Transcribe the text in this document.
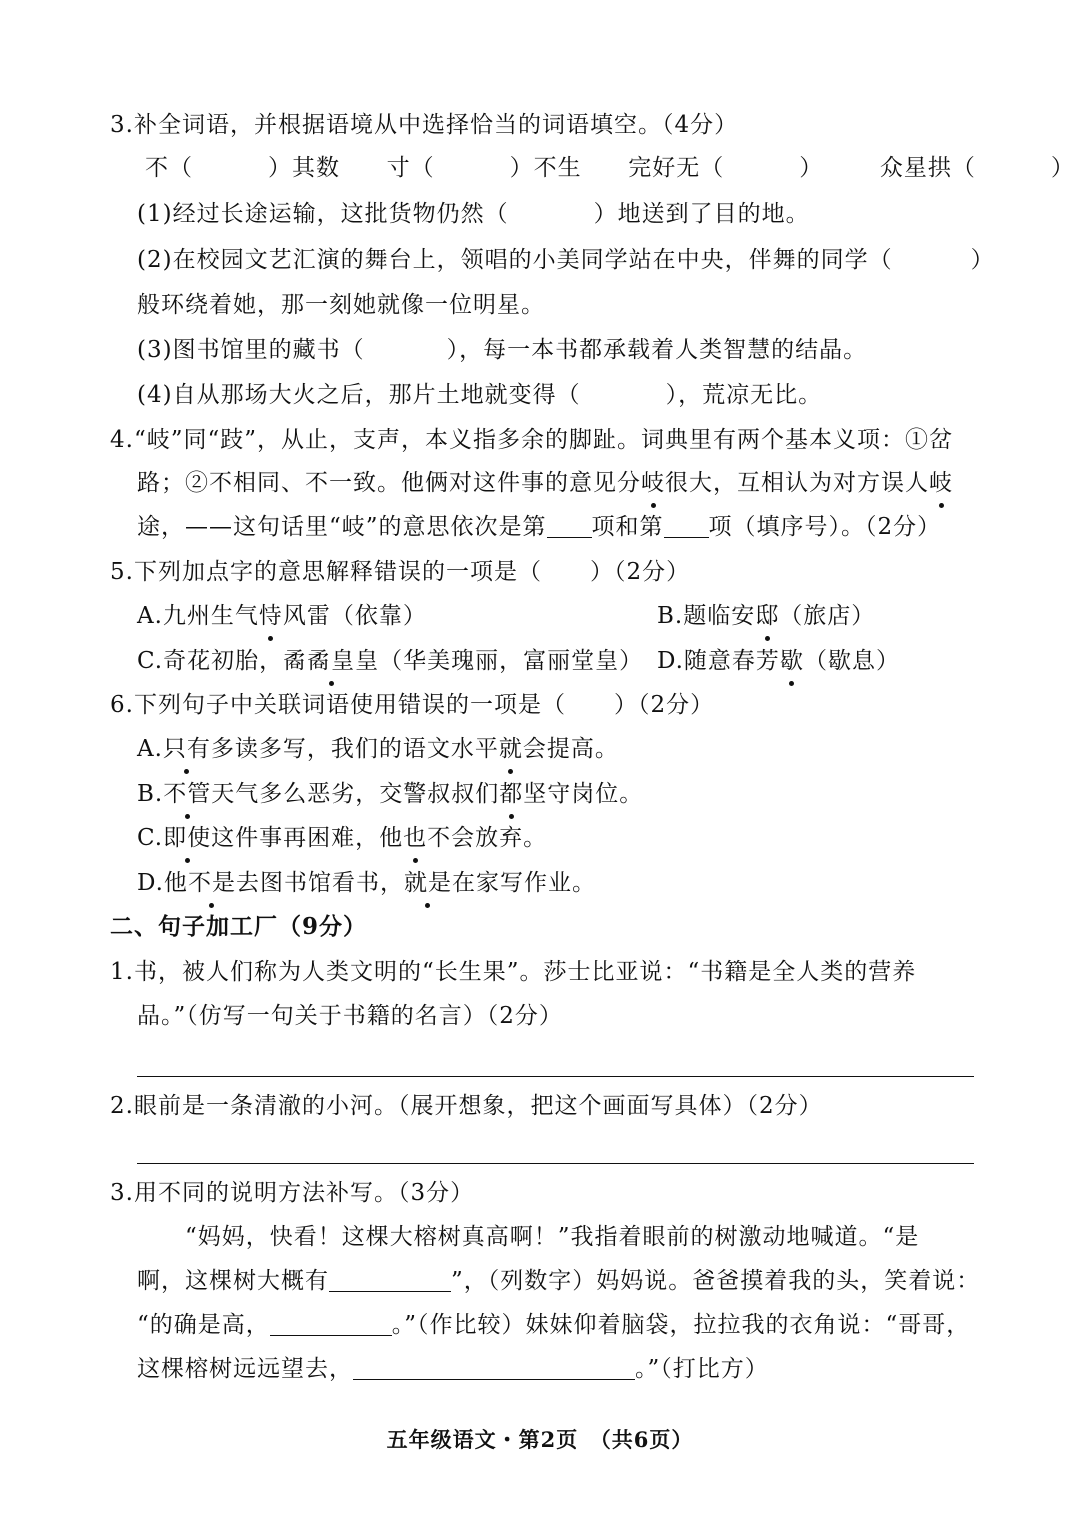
3.补全词语，并根据语境从中选择恰当的词语填空。（4分）
不（	）其数 寸（	）不生 完好无（	） 众星拱（	）
(1)经过长途运输，这批货物仍然（	）地送到了目的地。
(2)在校园文艺汇演的舞台上，领唱的小美同学站在中央，伴舞的同学（	）
般环绕着她，那一刻她就像一位明星。
(3)图书馆里的藏书（	），每一本书都承载着人类智慧的结晶。
(4)自从那场大火之后，那片土地就变得（	），荒凉无比。
4.“岐”同“跂”，从止，支声，本义指多余的脚趾。词典里有两个基本义项：①岔
路；②不相同、不一致。他俩对这件事的意见分岐很大，互相认为对方误人岐
途，——这句话里“岐”的意思依次是第 项和第 项（填序号）。（2分）
5.下列加点字的意思解释错误的一项是（　　）（2分）
A.九州生气恃风雷（依靠）	B.题临安邸（旅店）
C.奇花初胎，矞矞皇皇（华美瑰丽，富丽堂皇） D.随意春芳歇（歇息）
6.下列句子中关联词语使用错误的一项是（　　）（2分）
A.只有多读多写，我们的语文水平就会提高。
B.不管天气多么恶劣，交警叔叔们都坚守岗位。
C.即使这件事再困难，他也不会放弃。
D.他不是去图书馆看书，就是在家写作业。
二、句子加工厂（9分）
1.书，被人们称为人类文明的“长生果”。莎士比亚说：“书籍是全人类的营养
品。”（仿写一句关于书籍的名言）（2分）
2.眼前是一条清澈的小河。（展开想象，把这个画面写具体）（2分）
3.用不同的说明方法补写。（3分）
“妈妈，快看！这棵大榕树真高啊！”我指着眼前的树激动地喊道。“是
啊，这棵树大概有	”，（列数字）妈妈说。爸爸摸着我的头，笑着说：
“的确是高，	。”（作比较）妹妹仰着脑袋，拉拉我的衣角说：“哥哥，
这棵榕树远远望去，	。”（打比方）
五年级语文・第2页　（共6页）
